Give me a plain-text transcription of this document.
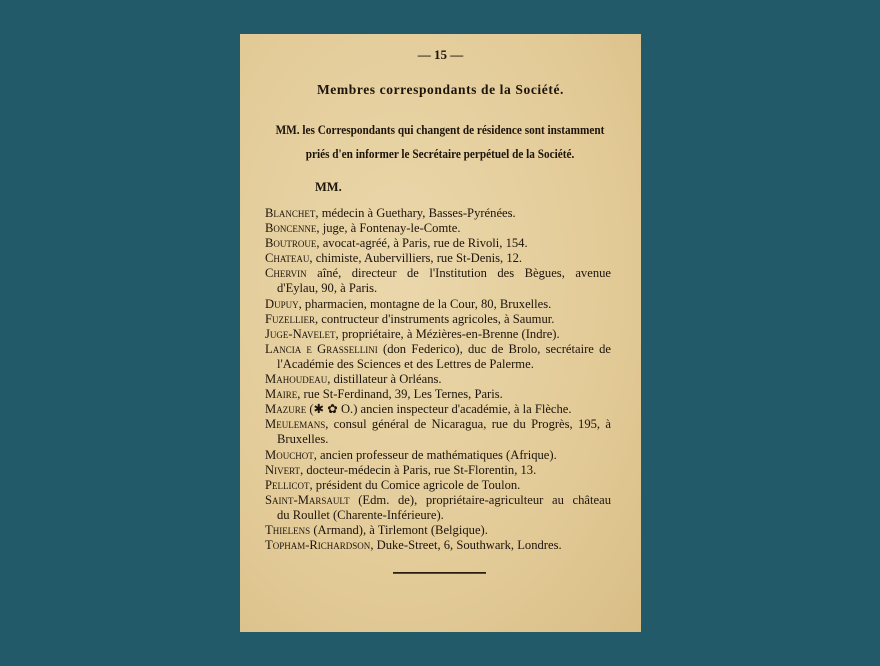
— 15 —
Membres correspondants de la Société.
MM. les Correspondants qui changent de résidence sont instamment
priés d'en informer le Secrétaire perpétuel de la Société.
MM.
Blanchet, médecin à Guethary, Basses-Pyrénées.
Boncenne, juge, à Fontenay-le-Comte.
Boutroue, avocat-agréé, à Paris, rue de Rivoli, 154.
Chateau, chimiste, Aubervilliers, rue St-Denis, 12.
Chervin aîné, directeur de l'Institution des Bègues, avenue
d'Eylau, 90, à Paris.
Dupuy, pharmacien, montagne de la Cour, 80, Bruxelles.
Fuzellier, contructeur d'instruments agricoles, à Saumur.
Juge-Navelet, propriétaire, à Mézières-en-Brenne (Indre).
Lancia e Grassellini (don Federico), duc de Brolo, secrétaire de
l'Académie des Sciences et des Lettres de Palerme.
Mahoudeau, distillateur à Orléans.
Maire, rue St-Ferdinand, 39, Les Ternes, Paris.
Mazure (✱ ✿ O.) ancien inspecteur d'académie, à la Flèche.
Meulemans, consul général de Nicaragua, rue du Progrès, 195, à
Bruxelles.
Mouchot, ancien professeur de mathématiques (Afrique).
Nivert, docteur-médecin à Paris, rue St-Florentin, 13.
Pellicot, président du Comice agricole de Toulon.
Saint-Marsault (Edm. de), propriétaire-agriculteur au château
du Roullet (Charente-Inférieure).
Thielens (Armand), à Tirlemont (Belgique).
Topham-Richardson, Duke-Street, 6, Southwark, Londres.
